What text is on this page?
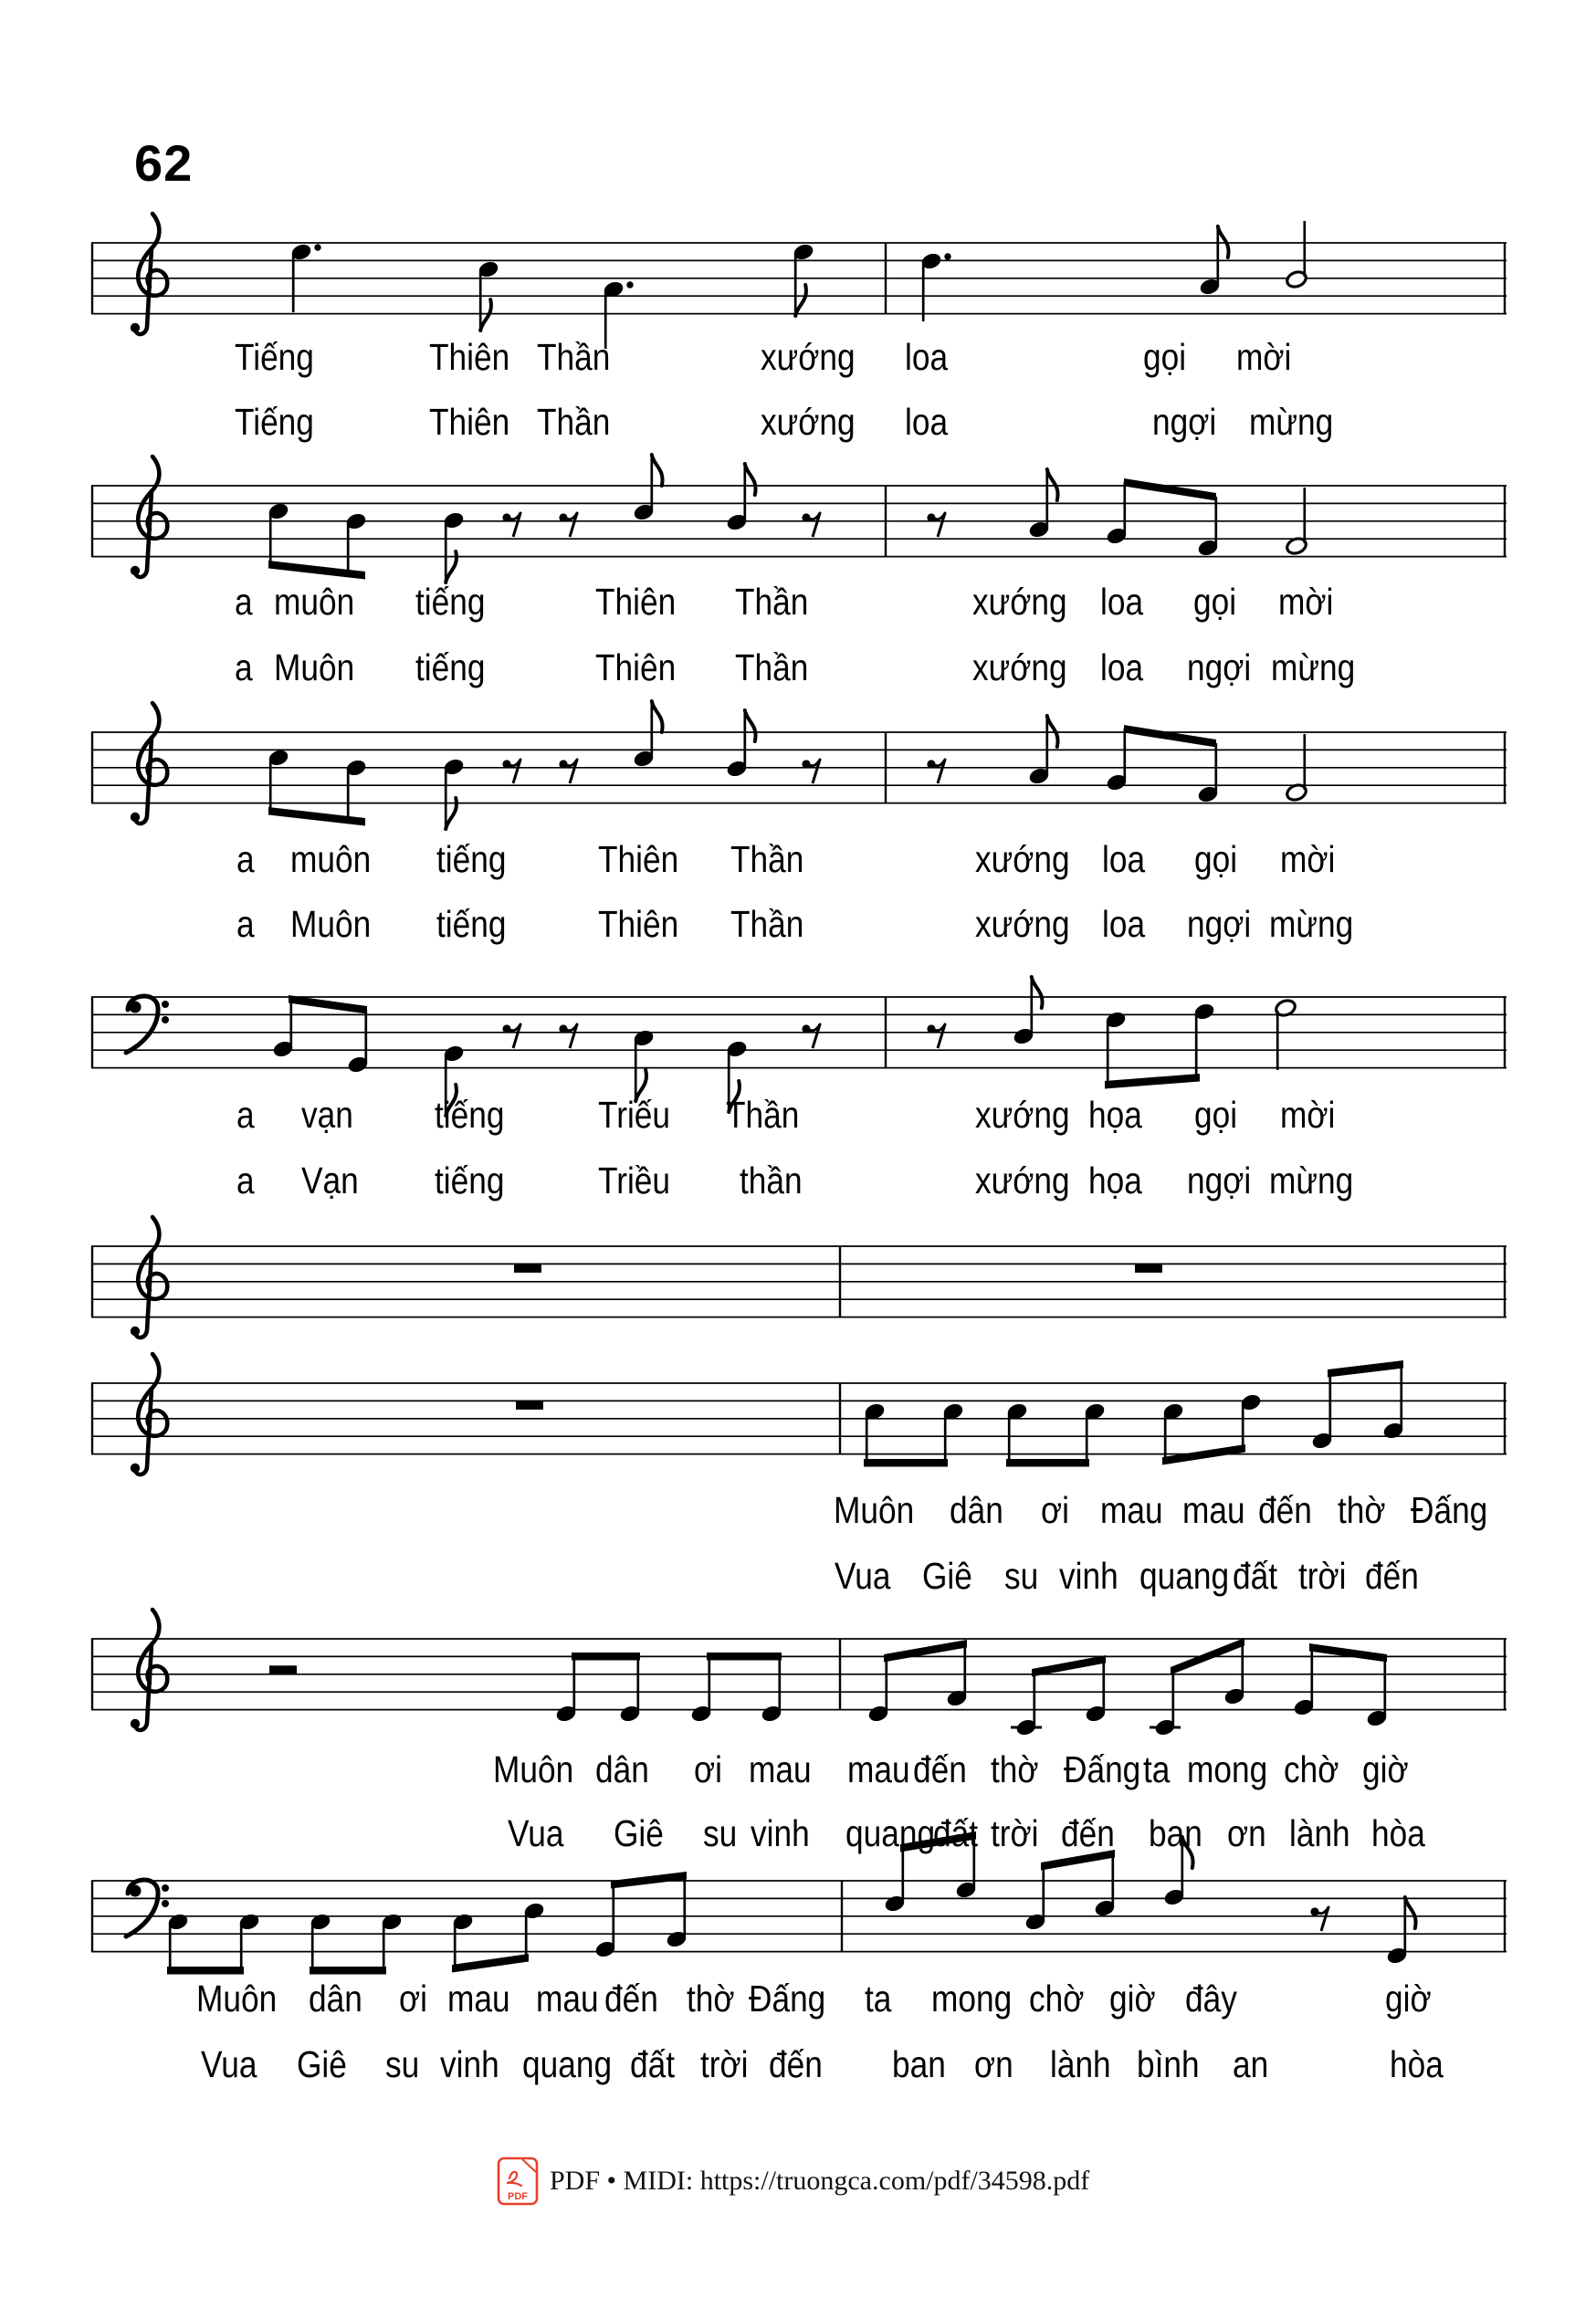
62
Tiếng	Thiên Thần	xướng loa	gọi mời
Tiếng	Thiên Thần	xướng loa	ngợi mừng
a muôn tiếng	Thiên Thần	xướng loa gọi mời
a Muôn tiếng	Thiên Thần	xướng loa ngợi mừng
a muôn tiếng Thiên Thần	xướng loa gọi mời
a Muôn tiếng Thiên Thần	xướng loa ngợi mừng
a vạn tiếng	Triếu Thần	xướng họa gọi mời
a Vạn tiếng	Triều thần	xướng họa ngợi mừng
Muôn dân ơi mau mau đến thờ Đấng
Vua Giê su vinh quang đất trời đến
Muôn dân ơi mau mau đến thờ Đấng ta mong chờ giờ
Vua Giê su vinh quang
đất trời đến ban ơn lành hòa
Muôn dân ơi mau mau đến thờ Đấng ta mong chờ giờ đây	giờ
Vua Giê su vinh quang đất trời đến ban ơn lành bình an	hòa
PDF
PDF • MIDI: https://truongca.com/pdf/34598.pdf
